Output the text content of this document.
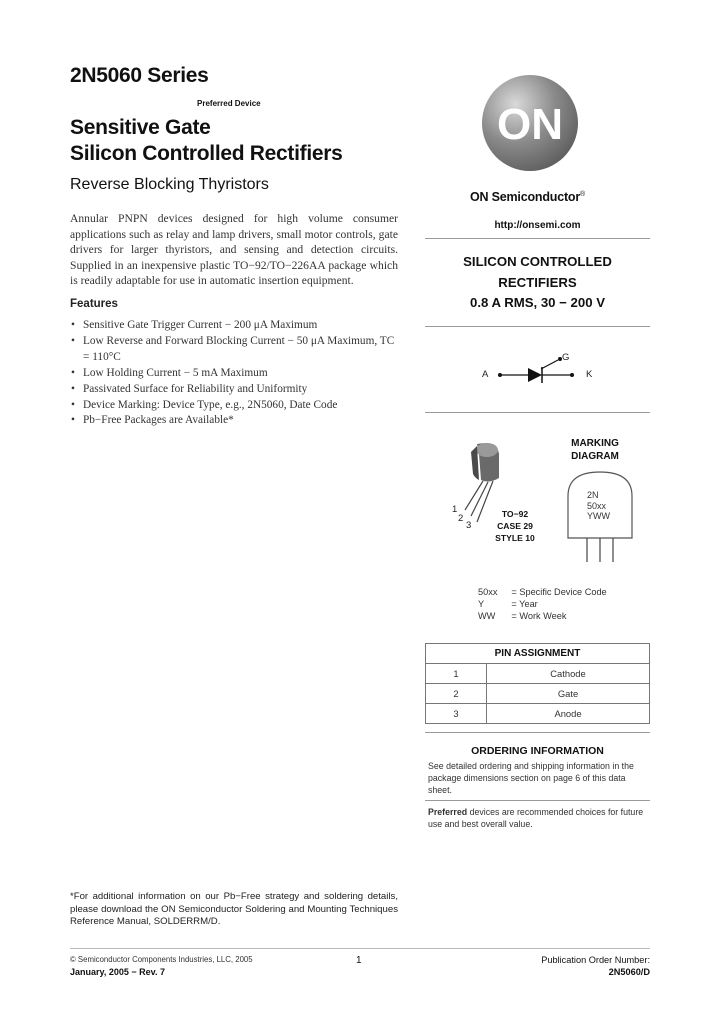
2N5060 Series
Preferred Device
Sensitive Gate
Silicon Controlled Rectifiers
Reverse Blocking Thyristors
Annular PNPN devices designed for high volume consumer applications such as relay and lamp drivers, small motor controls, gate drivers for larger thyristors, and sensing and detection circuits. Supplied in an inexpensive plastic TO−92/TO−226AA package which is readily adaptable for use in automatic insertion equipment.
Features
• Sensitive Gate Trigger Current − 200 μA Maximum
• Low Reverse and Forward Blocking Current − 50 μA Maximum, TC = 110°C
• Low Holding Current − 5 mA Maximum
• Passivated Surface for Reliability and Uniformity
• Device Marking: Device Type, e.g., 2N5060, Date Code
• Pb−Free Packages are Available*
*For additional information on our Pb−Free strategy and soldering details, please download the ON Semiconductor Soldering and Mounting Techniques Reference Manual, SOLDERRM/D.
ON
ON Semiconductor®
http://onsemi.com
SILICON CONTROLLED
RECTIFIERS
0.8 A RMS, 30 − 200 V
A
G
K
1
2
3
TO−92
CASE 29
STYLE 10
MARKING
DIAGRAM
2N
50xx
YWW
50xx	= Specific Device Code
Y	= Year
WW	= Work Week
PIN ASSIGNMENT	
1	Cathode
2	Gate
3	Anode
ORDERING INFORMATION
See detailed ordering and shipping information in the package dimensions section on page 6 of this data sheet.
Preferred devices are recommended choices for future use and best overall value.
© Semiconductor Components Industries, LLC, 2005
January, 2005 − Rev. 7
1	Publication Order Number:
2N5060/D
